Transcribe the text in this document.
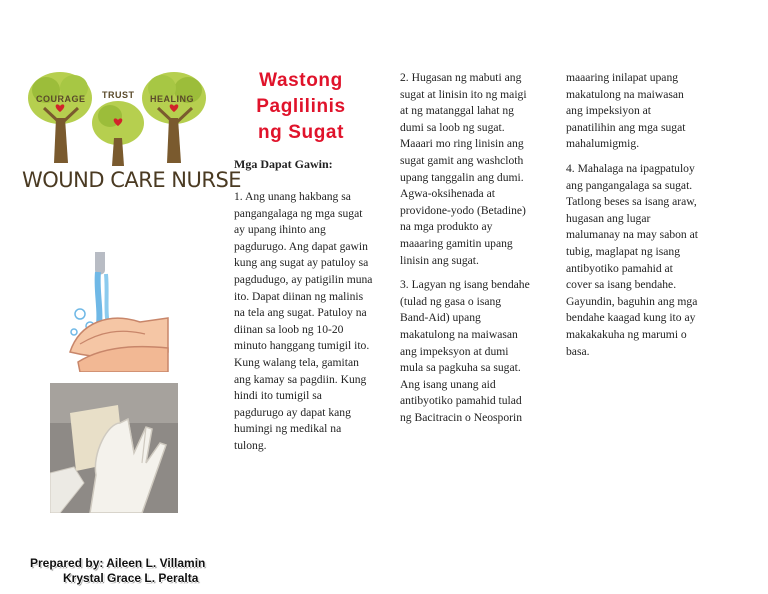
COURAGE TRUST HEALING
WOUND CARE NURSE
Wastong
Paglilinis
ng Sugat
Mga Dapat Gawin:

1. Ang unang hakbang sa pangangalaga ng mga sugat ay upang ihinto ang pagdurugo. Ang dapat gawin kung ang sugat ay patuloy sa pagdudugo, ay patigilin muna ito. Dapat diinan ng malinis na tela ang sugat. Patuloy na diinan sa loob ng 10-20 minuto hanggang tumigil ito. Kung walang tela, gamitan ang kamay sa pagdiin. Kung hindi ito tumigil sa pagdurugo ay dapat kang humingi ng medikal na tulong.

2. Hugasan ng mabuti ang sugat at linisin ito ng maigi at ng matanggal lahat ng dumi sa loob ng sugat. Maaari mo ring linisin ang sugat gamit ang washcloth upang tanggalin ang dumi. Agwa-oksihenada at providone-yodo (Betadine) na mga produkto ay maaaring gamitin upang linisin ang sugat.

3. Lagyan ng isang bendahe (tulad ng gasa o isang Band-Aid) upang makatulong na maiwasan ang impeksyon at dumi mula sa pagkuha sa sugat. Ang isang unang aid antibyotiko pamahid tulad ng Bacitracin o Neosporin

maaaring inilapat upang makatulong na maiwasan ang impeksiyon at panatilihin ang mga sugat mahalumigmig.

4. Mahalaga na ipagpatuloy ang pangangalaga sa sugat. Tatlong beses sa isang araw, hugasan ang lugar malumanay na may sabon at tubig, maglapat ng isang antibyotiko pamahid at cover sa isang bendahe. Gayundin, baguhin ang mga bendahe kaagad kung ito ay makakakuha ng marumi o basa.

Prepared by: Aileen L. Villamin
Krystal Grace L. Peralta
